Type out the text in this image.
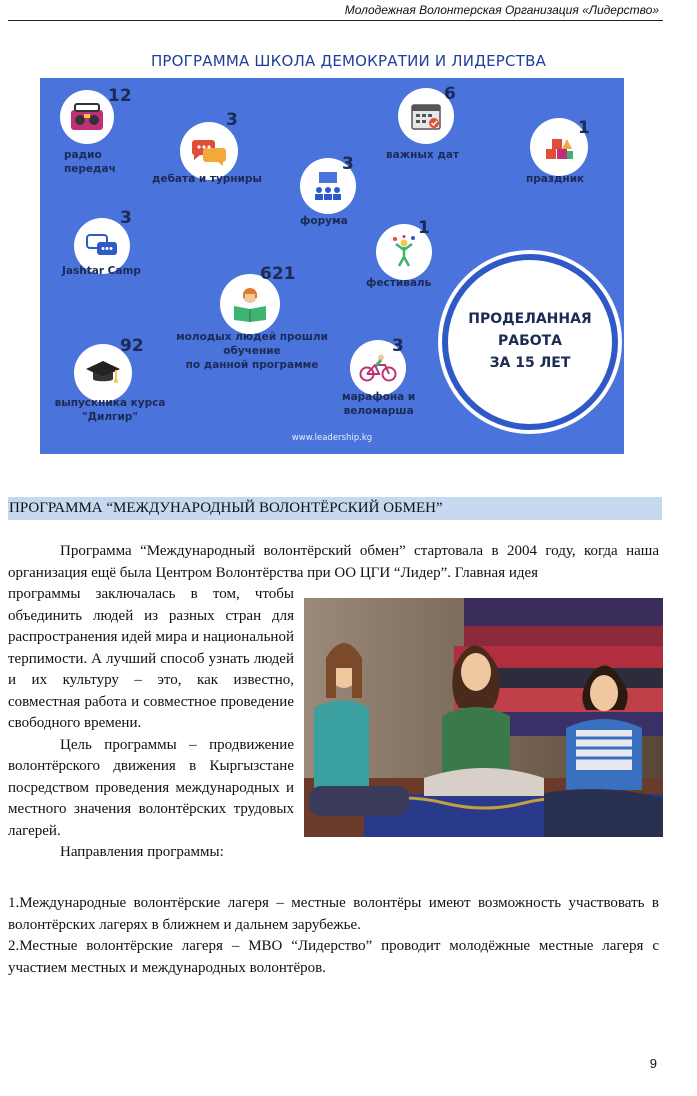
Молодежная Волонтерская Организация «Лидерство»
ПРОГРАММА ШКОЛА ДЕМОКРАТИИ И ЛИДЕРСТВА
12
радио
передач
3
дебата и турниры
3
форума
6
важных дат
1
праздник
3
Jashtar Camp
1
фестиваль
621
молодых людей прошли
обучение
по данной программе
92
выпускника курса
"Дилгир"
3
марафона и
веломарша
ПРОДЕЛАННАЯ
РАБОТА
ЗА 15 ЛЕТ
www.leadership.kg
ПРОГРАММА “МЕЖДУНАРОДНЫЙ ВОЛОНТЁРСКИЙ ОБМЕН”
Программа “Международный волонтёрский обмен” стартовала в 2004 году, когда наша организация ещё была Центром Волонтёрства при ОО ЦГИ “Лидер”. Главная идея

программы заключалась в том, чтобы объединить людей из разных стран для распространения идей мира и национальной терпимости. А лучший способ узнать людей и их культуру – это, как известно, совместная работа и совместное проведение свободного времени.

Цель программы – продвижение волонтёрского движения в Кыргызстане посредством проведения международных и местного значения волонтёрских трудовых лагерей.

Направления программы:

1.Международные волонтёрские лагеря – местные волонтёры имеют возможность участвовать в волонтёрских лагерях в ближнем и дальнем зарубежье.

2.Местные волонтёрские лагеря – МВО “Лидерство” проводит молодёжные местные лагеря с участием местных и международных волонтёров.

9
